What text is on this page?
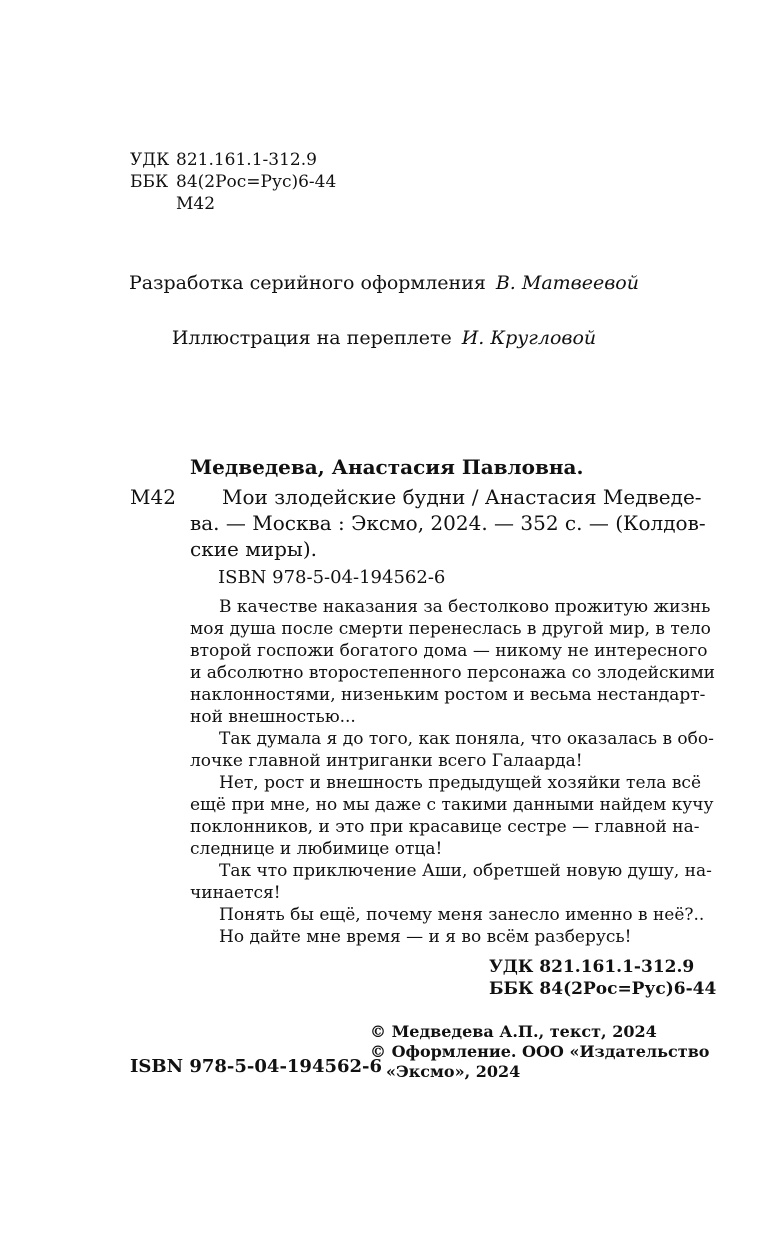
УДК 821.161.1-312.9
ББК 84(2Рос=Рус)6-44
М42
Разработка серийного оформления В. Матвеевой
Иллюстрация на переплете И. Кругловой
Медведева, Анастасия Павловна.
М42 Мои злодейские будни / Анастасия Медведе-
ва. — Москва : Эксмо, 2024. — 352 с. — (Колдов-
ские миры).
ISBN 978-5-04-194562-6
В качестве наказания за бестолково прожитую жизнь
моя душа после смерти перенеслась в другой мир, в тело
второй госпожи богатого дома — никому не интересного
и абсолютно второстепенного персонажа со злодейскими
наклонностями, низеньким ростом и весьма нестандарт-
ной внешностью...
Так думала я до того, как поняла, что оказалась в обо-
лочке главной интриганки всего Галаарда!
Нет, рост и внешность предыдущей хозяйки тела всё
ещё при мне, но мы даже с такими данными найдем кучу
поклонников, и это при красавице сестре — главной на-
следнице и любимице отца!
Так что приключение Аши, обретшей новую душу, на-
чинается!
Понять бы ещё, почему меня занесло именно в неё?..
Но дайте мне время — и я во всём разберусь!
УДК 821.161.1-312.9
ББК 84(2Рос=Рус)6-44
© Медведева А.П., текст, 2024
© Оформление. ООО «Издательство
«Эксмо», 2024
ISBN 978-5-04-194562-6
